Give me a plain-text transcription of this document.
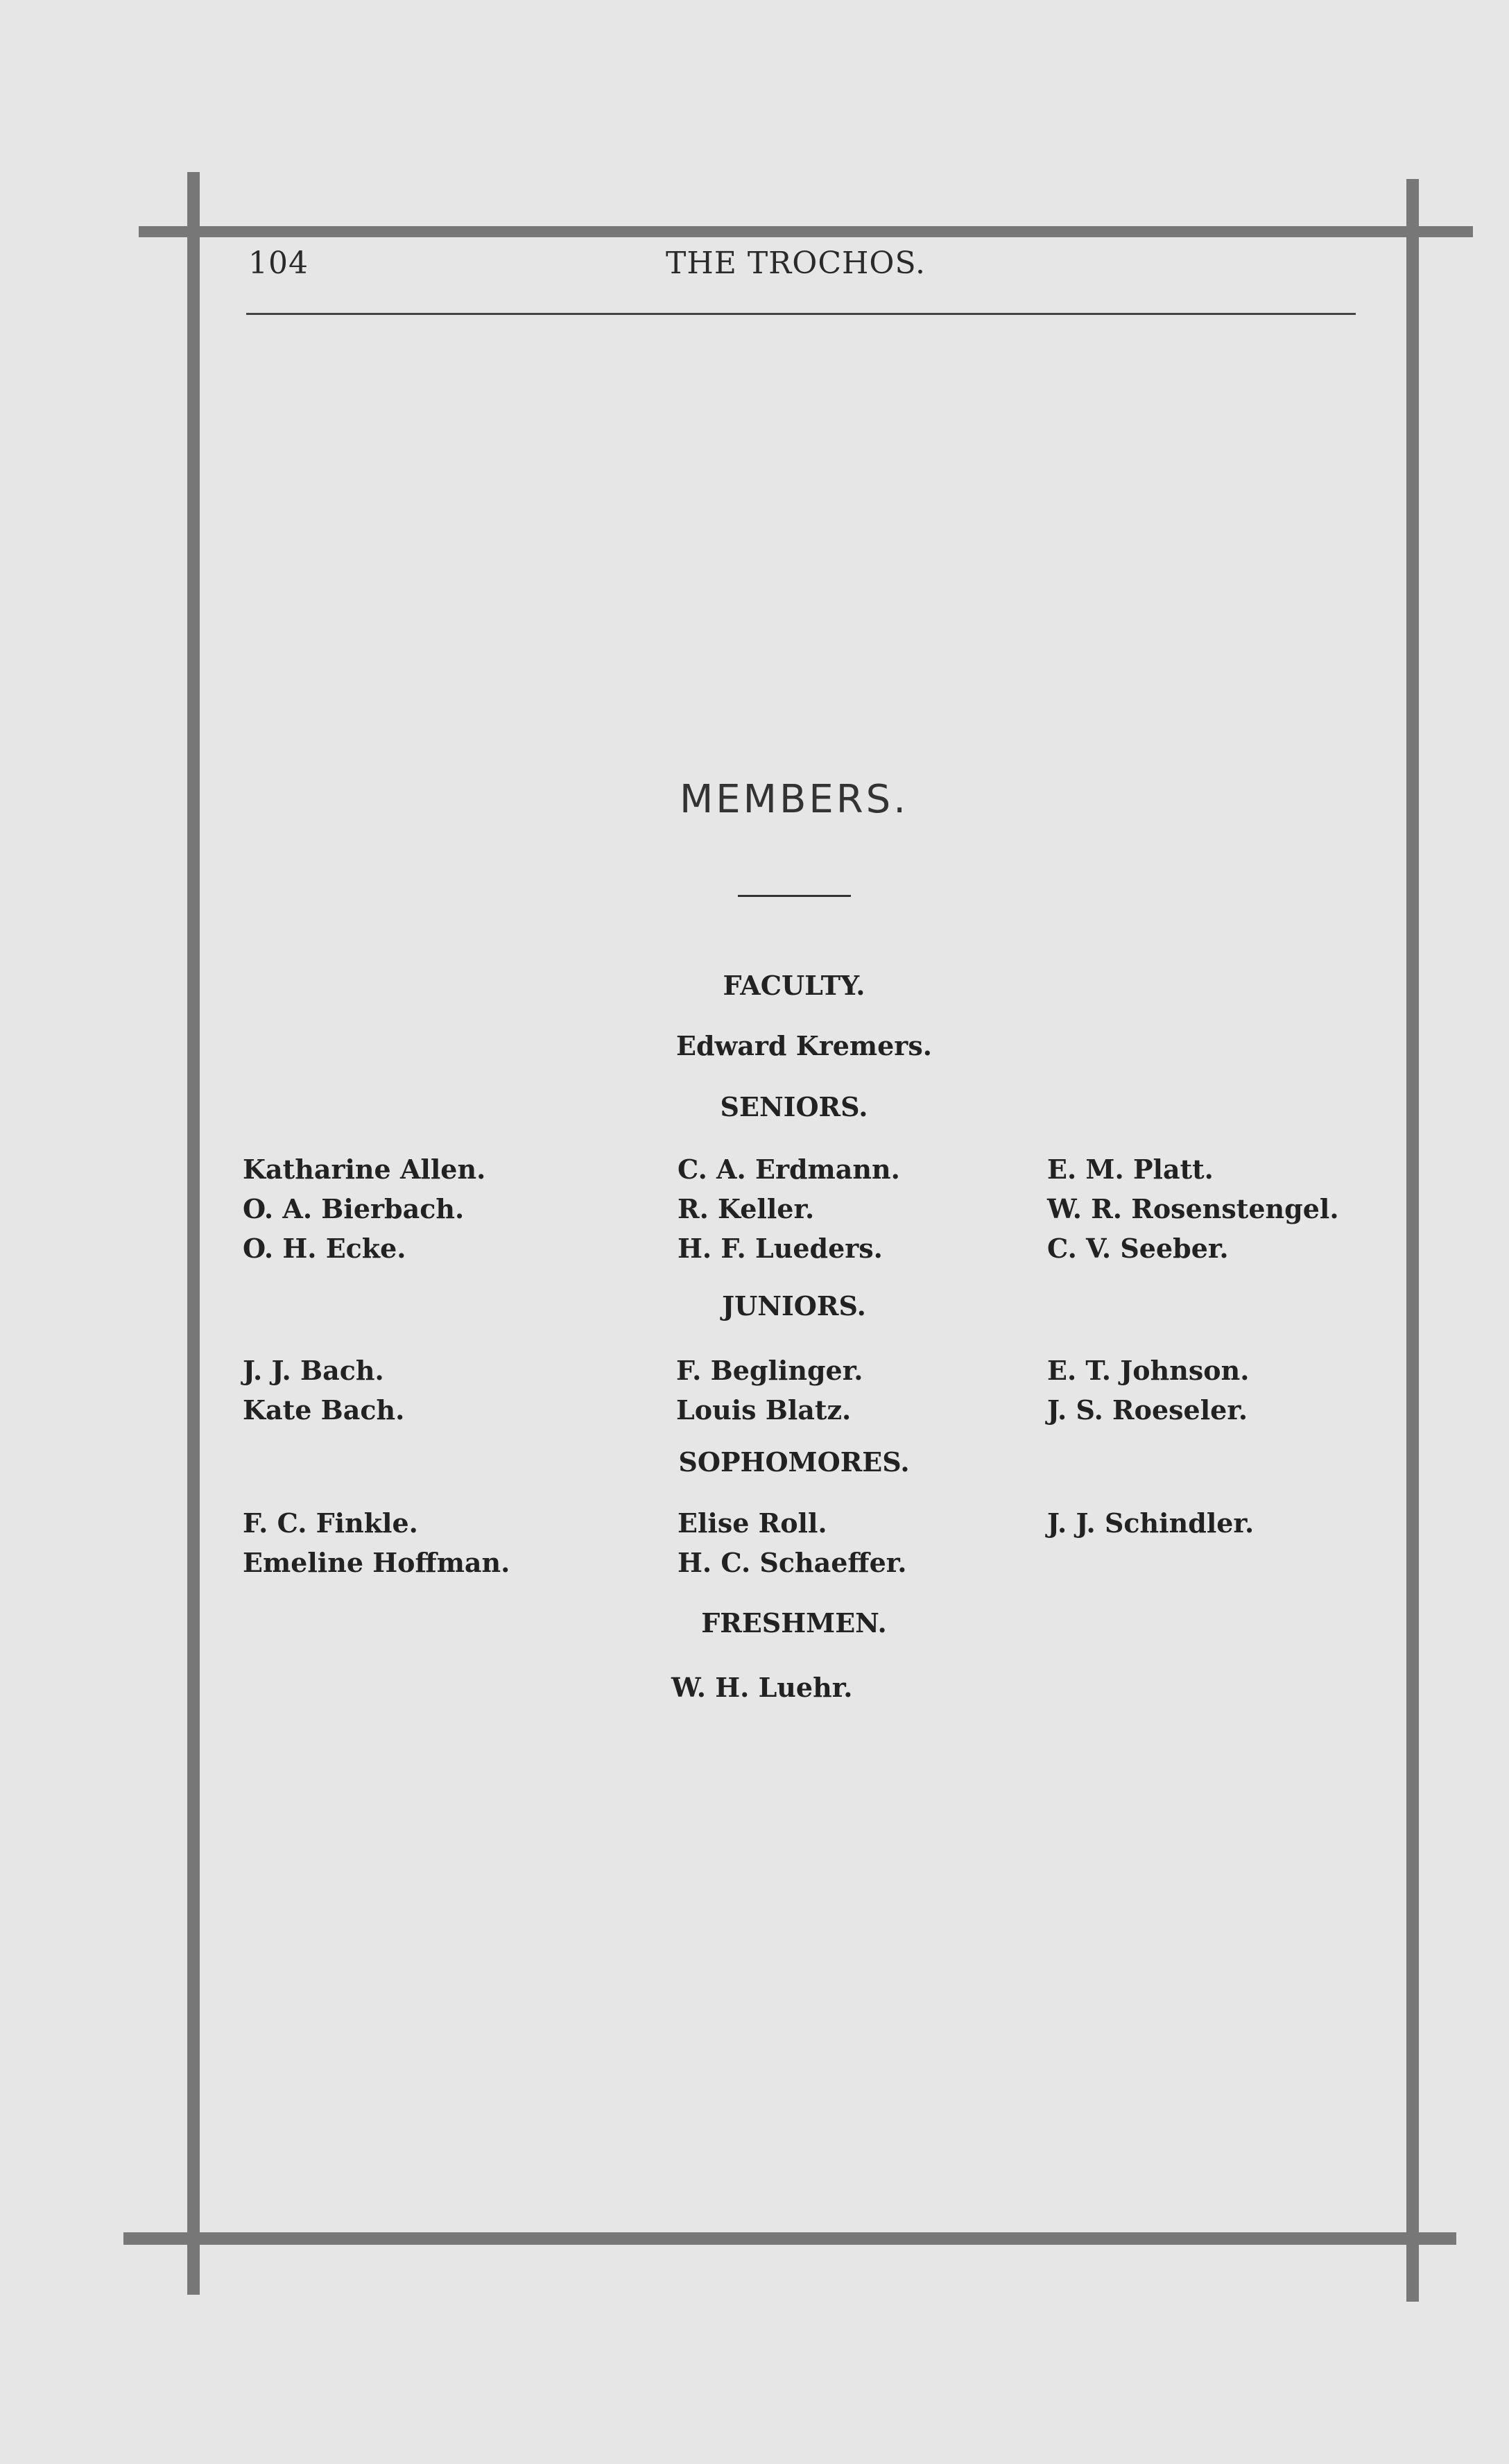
104	THE TROCHOS.
MEMBERS.
FACULTY.
Edward Kremers.
SENIORS.
Katharine Allen.
O. A. Bierbach.
O. H. Ecke.
C. A. Erdmann.
R. Keller.
H. F. Lueders.
E. M. Platt.
W. R. Rosenstengel.
C. V. Seeber.
JUNIORS.
J. J. Bach.
Kate Bach.
F. Beglinger.
Louis Blatz.
E. T. Johnson.
J. S. Roeseler.
SOPHOMORES.
F. C. Finkle.
Emeline Hoffman.
Elise Roll.
H. C. Schaeffer.
J. J. Schindler.
FRESHMEN.
W. H. Luehr.
